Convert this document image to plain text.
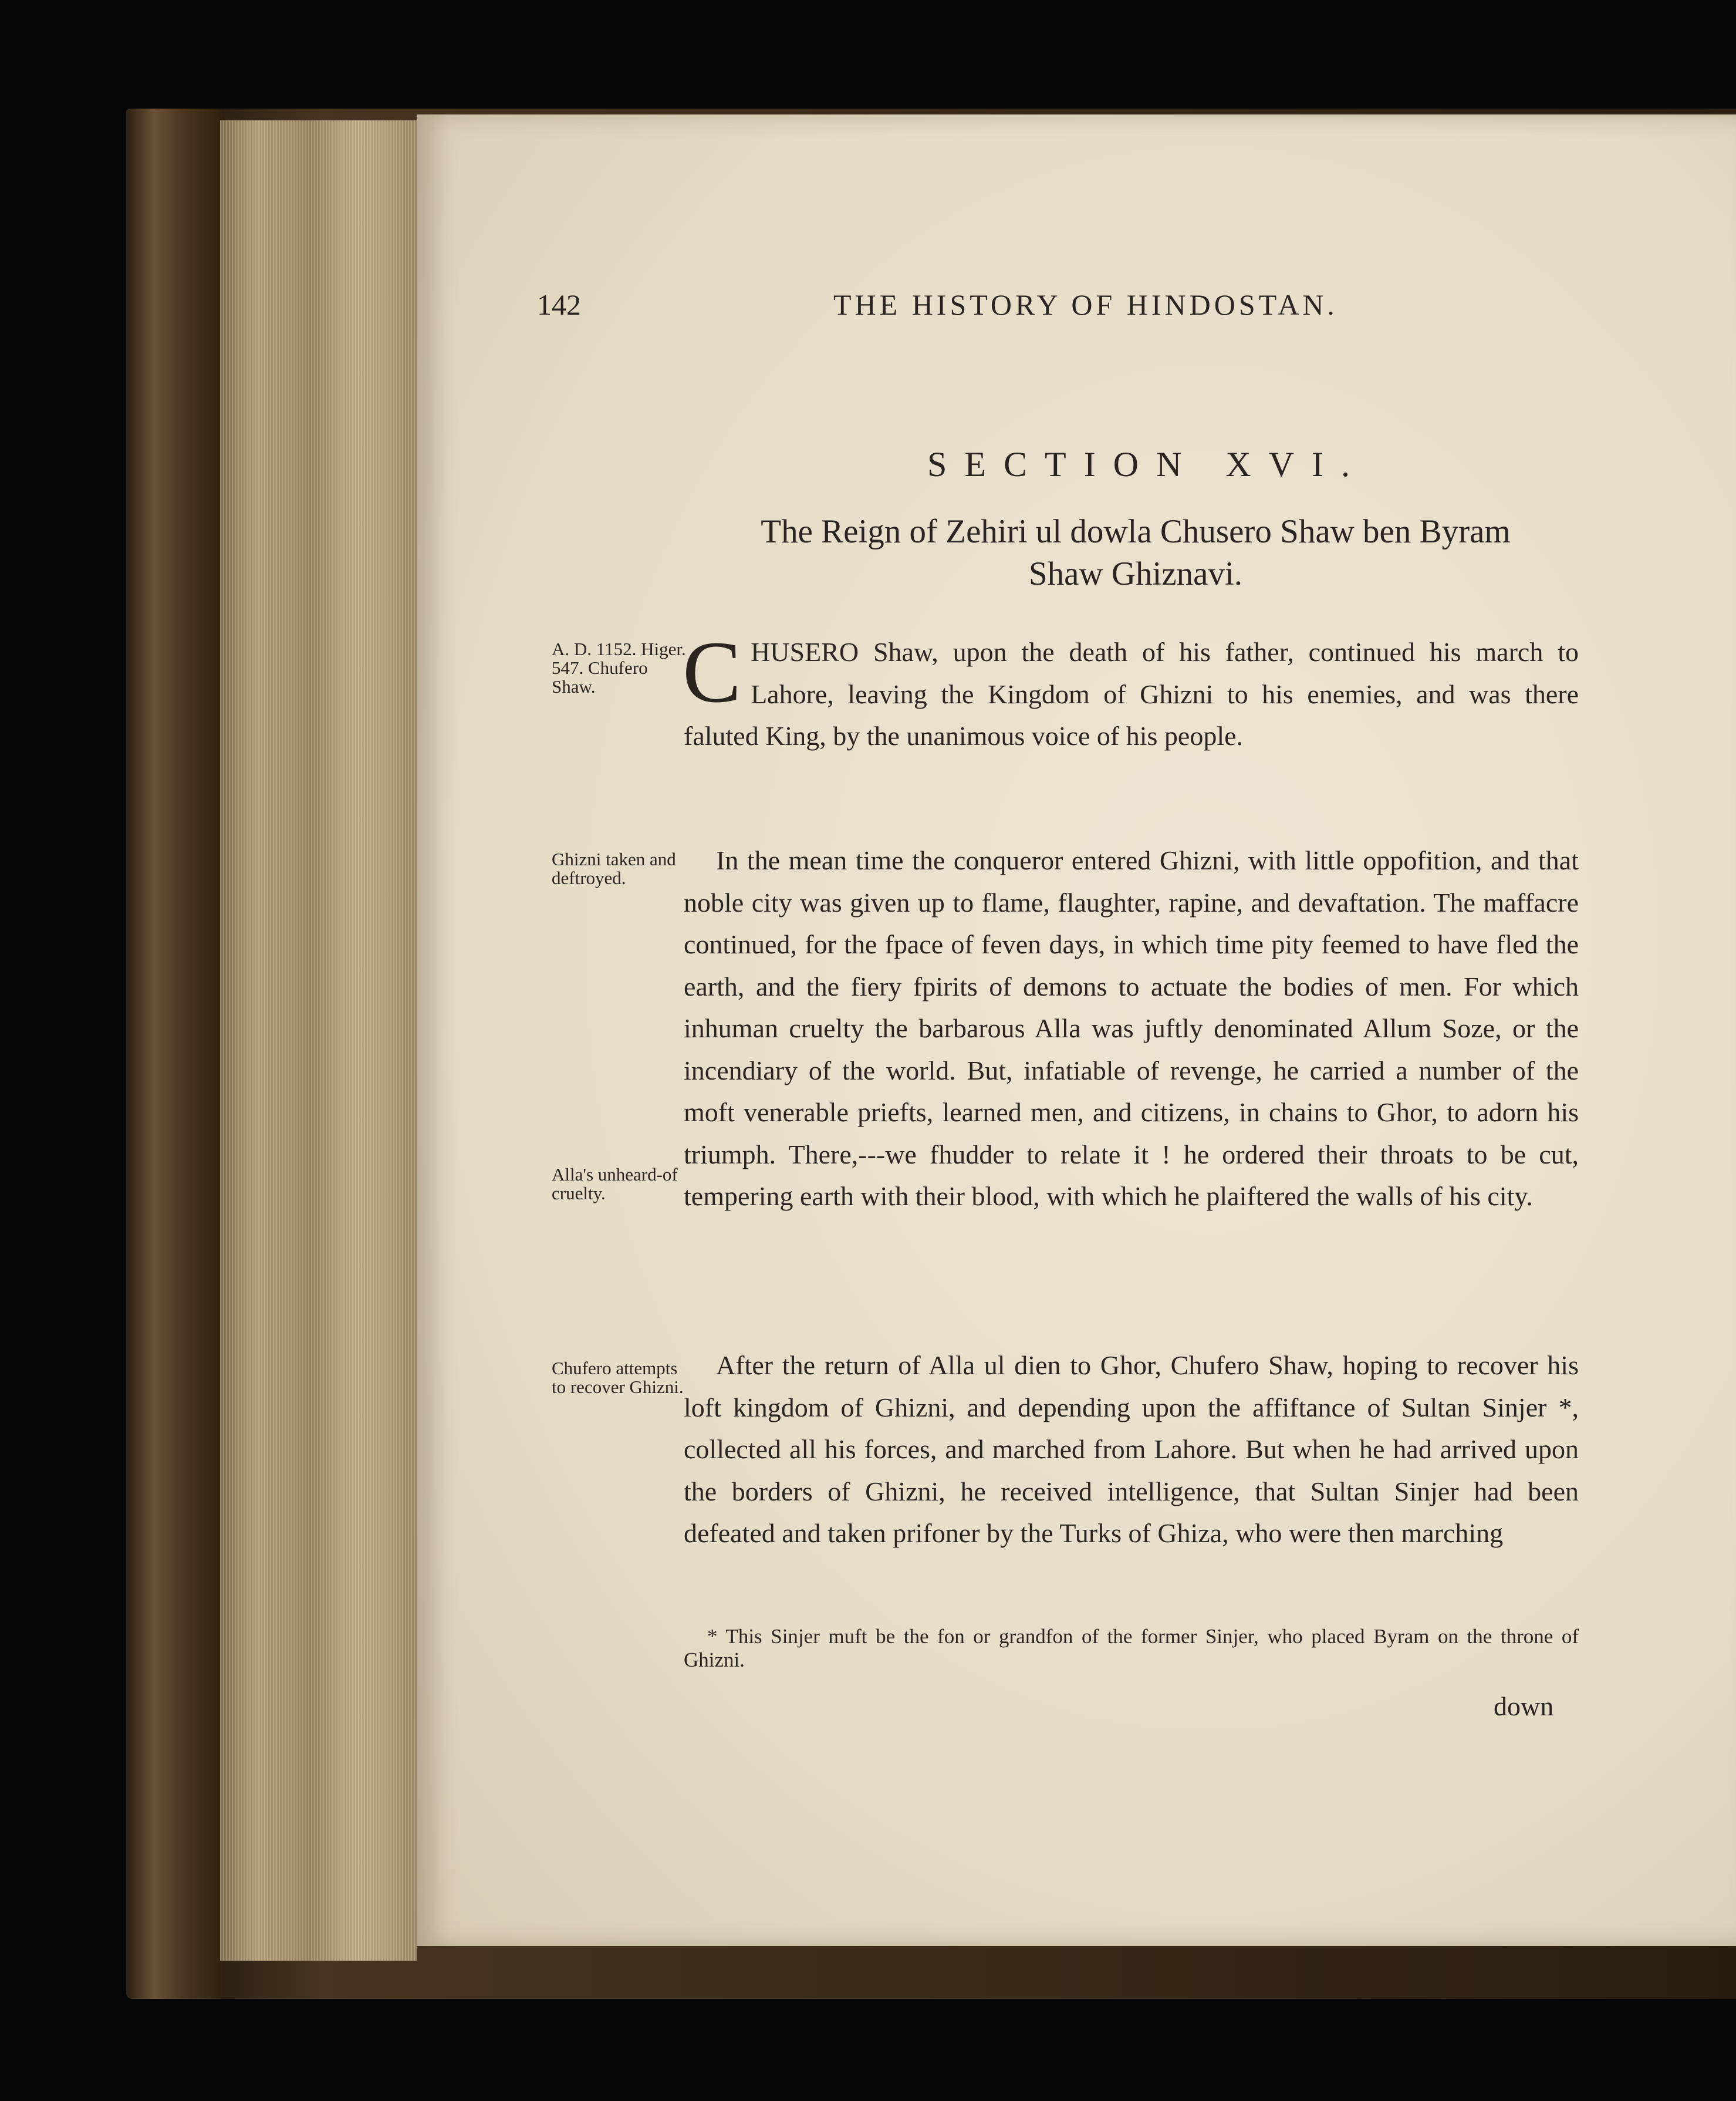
142	THE HISTORY OF HINDOSTAN.
SECTION XVI.
The Reign of Zehiri ul dowla Chusero Shaw ben Byram
Shaw Ghiznavi.
A. D. 1152. Higer. 547. Chufero Shaw.
Ghizni taken and deftroyed.
Alla's unheard-of cruelty.
Chufero attempts to recover Ghizni.

CHUSERO Shaw, upon the death of his father, continued his march to Lahore, leaving the Kingdom of Ghizni to his enemies, and was there faluted King, by the unanimous voice of his people.

In the mean time the conqueror entered Ghizni, with little oppofition, and that noble city was given up to flame, flaughter, rapine, and devaftation. The maffacre continued, for the fpace of feven days, in which time pity feemed to have fled the earth, and the fiery fpirits of demons to actuate the bodies of men. For which inhuman cruelty the barbarous Alla was juftly denominated Allum Soze, or the incendiary of the world. But, infatiable of revenge, he carried a number of the moft venerable priefts, learned men, and citizens, in chains to Ghor, to adorn his triumph. There,---we fhudder to relate it ! he ordered their throats to be cut, tempering earth with their blood, with which he plaiftered the walls of his city.

After the return of Alla ul dien to Ghor, Chufero Shaw, hoping to recover his loft kingdom of Ghizni, and depending upon the affiftance of Sultan Sinjer *, collected all his forces, and marched from Lahore. But when he had arrived upon the borders of Ghizni, he received intelligence, that Sultan Sinjer had been defeated and taken prifoner by the Turks of Ghiza, who were then marching

* This Sinjer muft be the fon or grandfon of the former Sinjer, who placed Byram on the throne of Ghizni.
down
